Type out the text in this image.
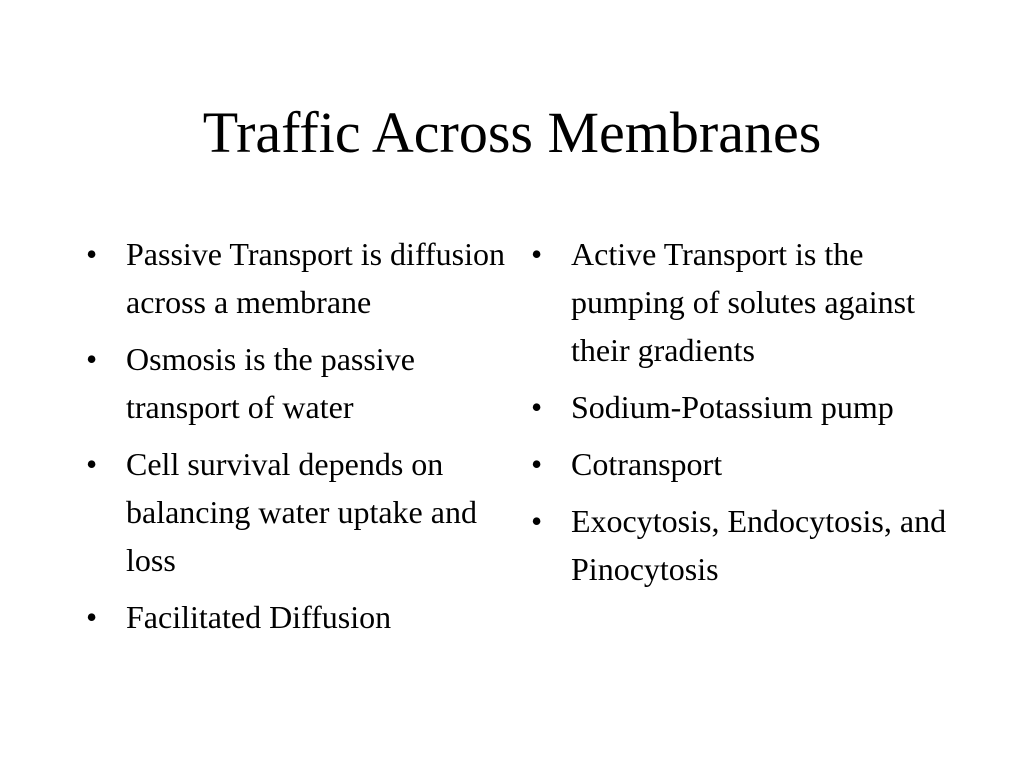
Traffic Across Membranes
• Passive Transport is diffusion across a membrane
• Osmosis is the passive transport of water
• Cell survival depends on balancing water uptake and loss
• Facilitated Diffusion
• Active Transport is the pumping of solutes against their gradients
• Sodium-Potassium pump
• Cotransport
• Exocytosis, Endocytosis, and Pinocytosis
